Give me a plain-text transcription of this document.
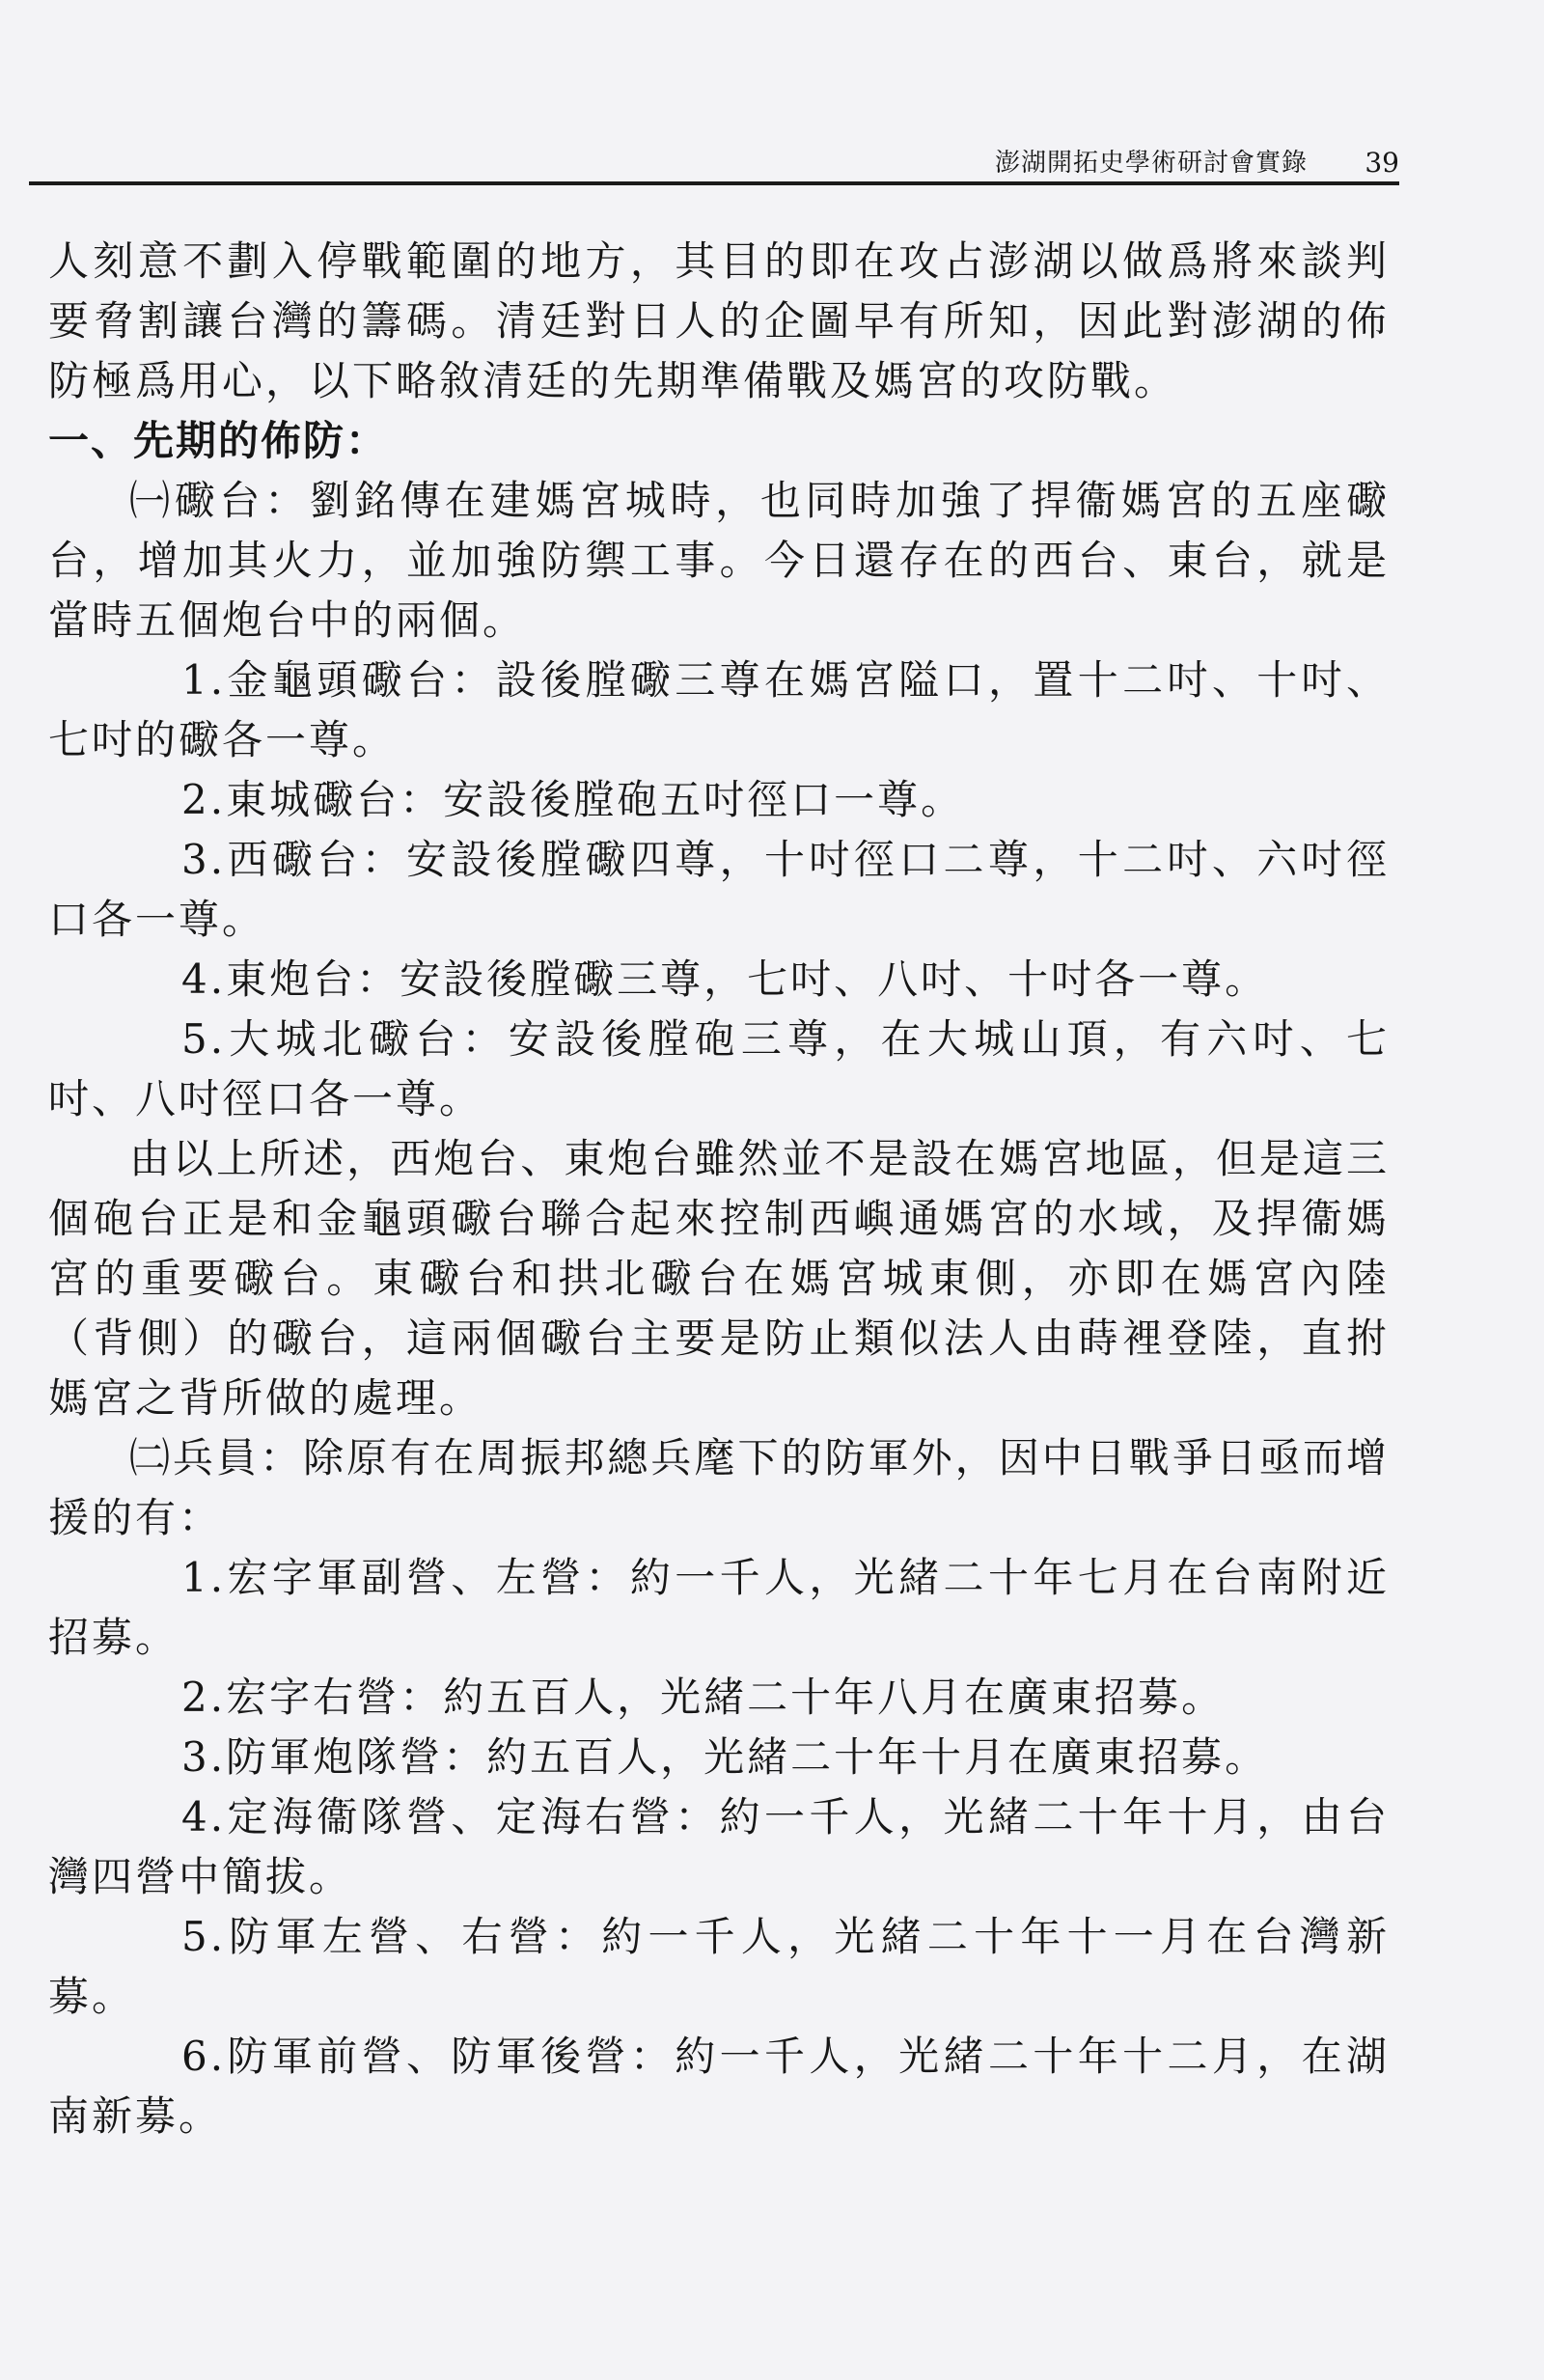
澎湖開拓史學術研討會實錄 39

人刻意不劃入停戰範圍的地方，其目的即在攻占澎湖以做爲將來談判要脅割讓台灣的籌碼。清廷對日人的企圖早有所知，因此對澎湖的佈防極爲用心，以下略敘清廷的先期準備戰及媽宮的攻防戰。

一、先期的佈防：

㈠礮台：劉銘傳在建媽宮城時，也同時加強了捍衞媽宮的五座礮台，增加其火力，並加強防禦工事。今日還存在的西台、東台，就是當時五個炮台中的兩個。

1.金龜頭礮台：設後膛礮三尊在媽宮隘口，置十二吋、十吋、七吋的礮各一尊。

2.東城礮台：安設後膛砲五吋徑口一尊。

3.西礮台：安設後膛礮四尊，十吋徑口二尊，十二吋、六吋徑口各一尊。

4.東炮台：安設後膛礮三尊，七吋、八吋、十吋各一尊。

5.大城北礮台：安設後膛砲三尊，在大城山頂，有六吋、七吋、八吋徑口各一尊。

由以上所述，西炮台、東炮台雖然並不是設在媽宮地區，但是這三個砲台正是和金龜頭礮台聯合起來控制西嶼通媽宮的水域，及捍衞媽宮的重要礮台。東礮台和拱北礮台在媽宮城東側，亦即在媽宮內陸（背側）的礮台，這兩個礮台主要是防止類似法人由蒔裡登陸，直拊媽宮之背所做的處理。

㈡兵員：除原有在周振邦總兵麾下的防軍外，因中日戰爭日亟而增援的有：

1.宏字軍副營、左營：約一千人，光緒二十年七月在台南附近招募。

2.宏字右營：約五百人，光緒二十年八月在廣東招募。

3.防軍炮隊營：約五百人，光緒二十年十月在廣東招募。

4.定海衞隊營、定海右營：約一千人，光緒二十年十月，由台灣四營中簡拔。

5.防軍左營、右營：約一千人，光緒二十年十一月在台灣新募。

6.防軍前營、防軍後營：約一千人，光緒二十年十二月，在湖南新募。
